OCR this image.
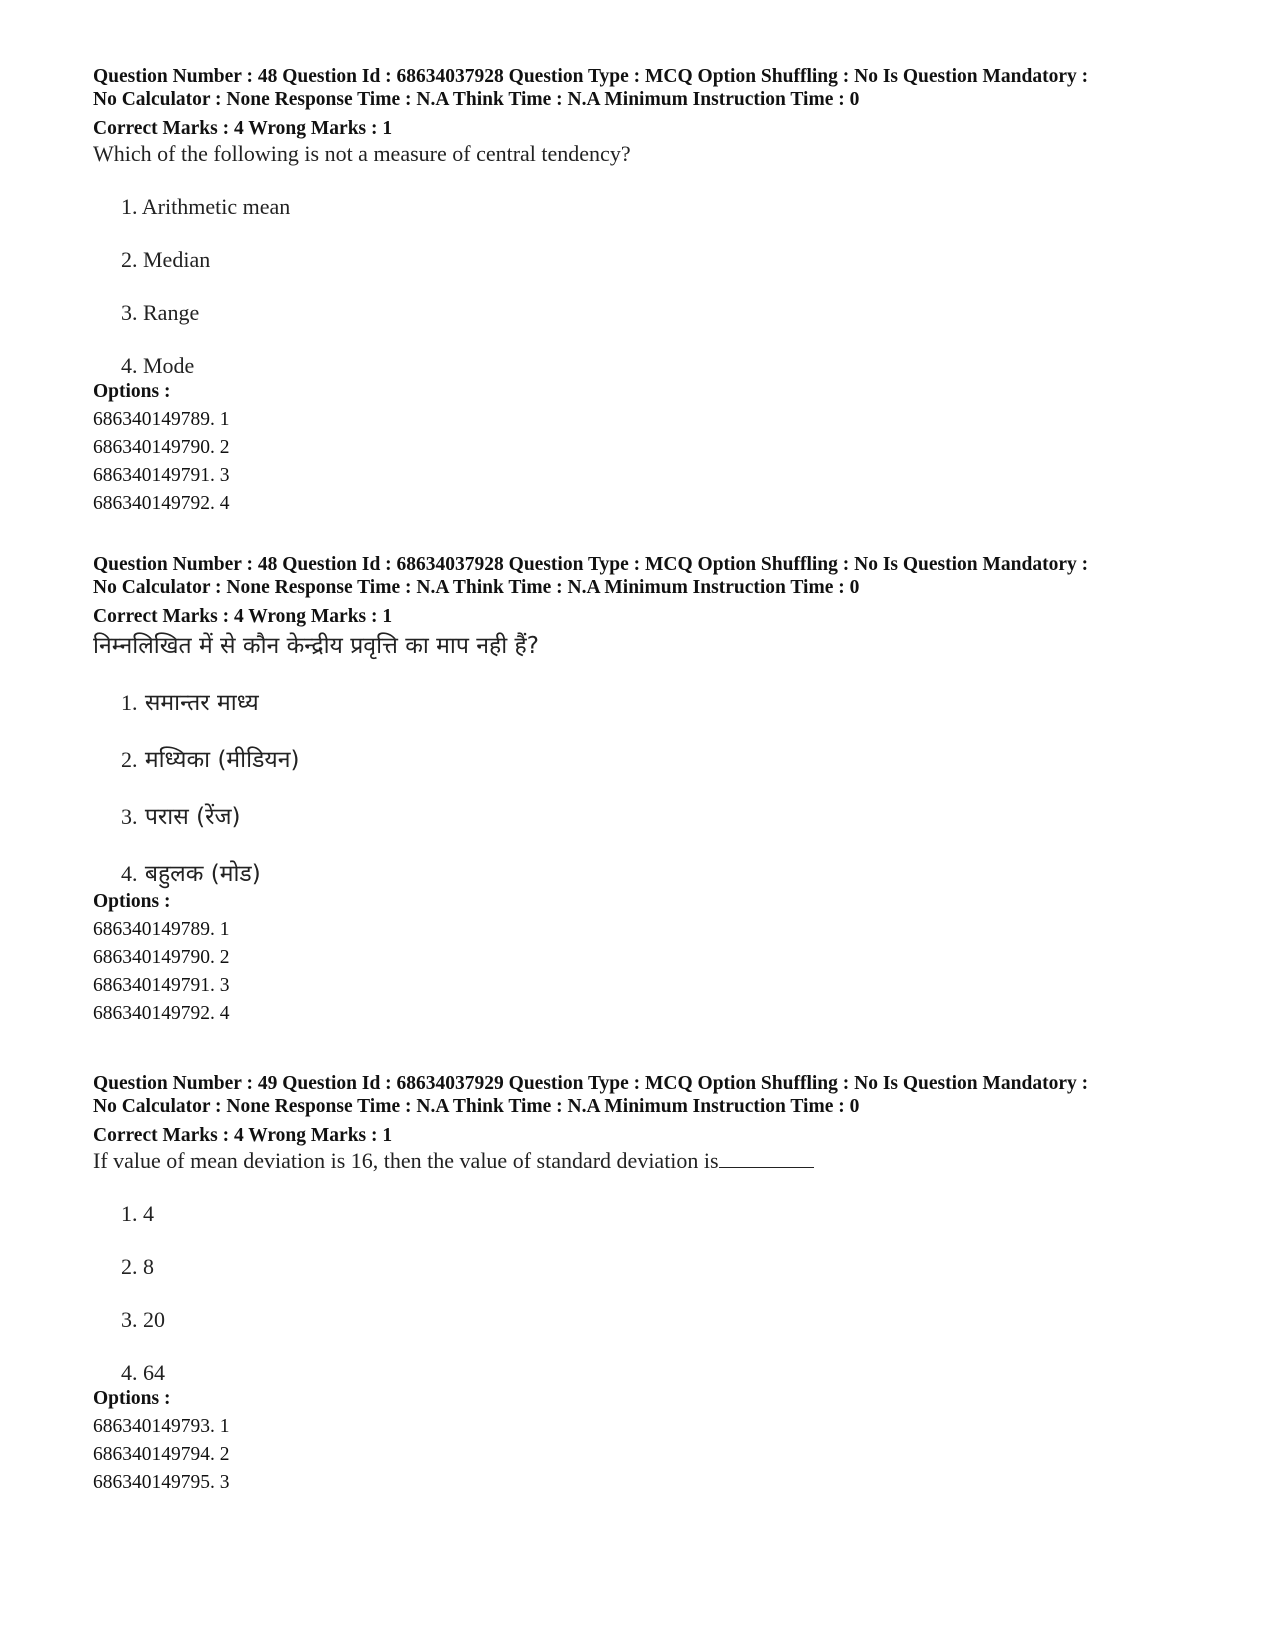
Question Number : 48 Question Id : 68634037928 Question Type : MCQ Option Shuffling : No Is Question Mandatory :
No Calculator : None Response Time : N.A Think Time : N.A Minimum Instruction Time : 0
Correct Marks : 4 Wrong Marks : 1
Which of the following is not a measure of central tendency?
1. Arithmetic mean
2. Median
3. Range
4. Mode
Options :
686340149789. 1
686340149790. 2
686340149791. 3
686340149792. 4
Question Number : 48 Question Id : 68634037928 Question Type : MCQ Option Shuffling : No Is Question Mandatory :
No Calculator : None Response Time : N.A Think Time : N.A Minimum Instruction Time : 0
Correct Marks : 4 Wrong Marks : 1
निम्नलिखित में से कौन केन्द्रीय प्रवृत्ति का माप नही हैं?
1. समान्तर माध्य
2. मध्यिका (मीडियन)
3. परास (रेंज)
4. बहुलक (मोड)
Options :
686340149789. 1
686340149790. 2
686340149791. 3
686340149792. 4
Question Number : 49 Question Id : 68634037929 Question Type : MCQ Option Shuffling : No Is Question Mandatory :
No Calculator : None Response Time : N.A Think Time : N.A Minimum Instruction Time : 0
Correct Marks : 4 Wrong Marks : 1
If value of mean deviation is 16, then the value of standard deviation is
1. 4
2. 8
3. 20
4. 64
Options :
686340149793. 1
686340149794. 2
686340149795. 3
